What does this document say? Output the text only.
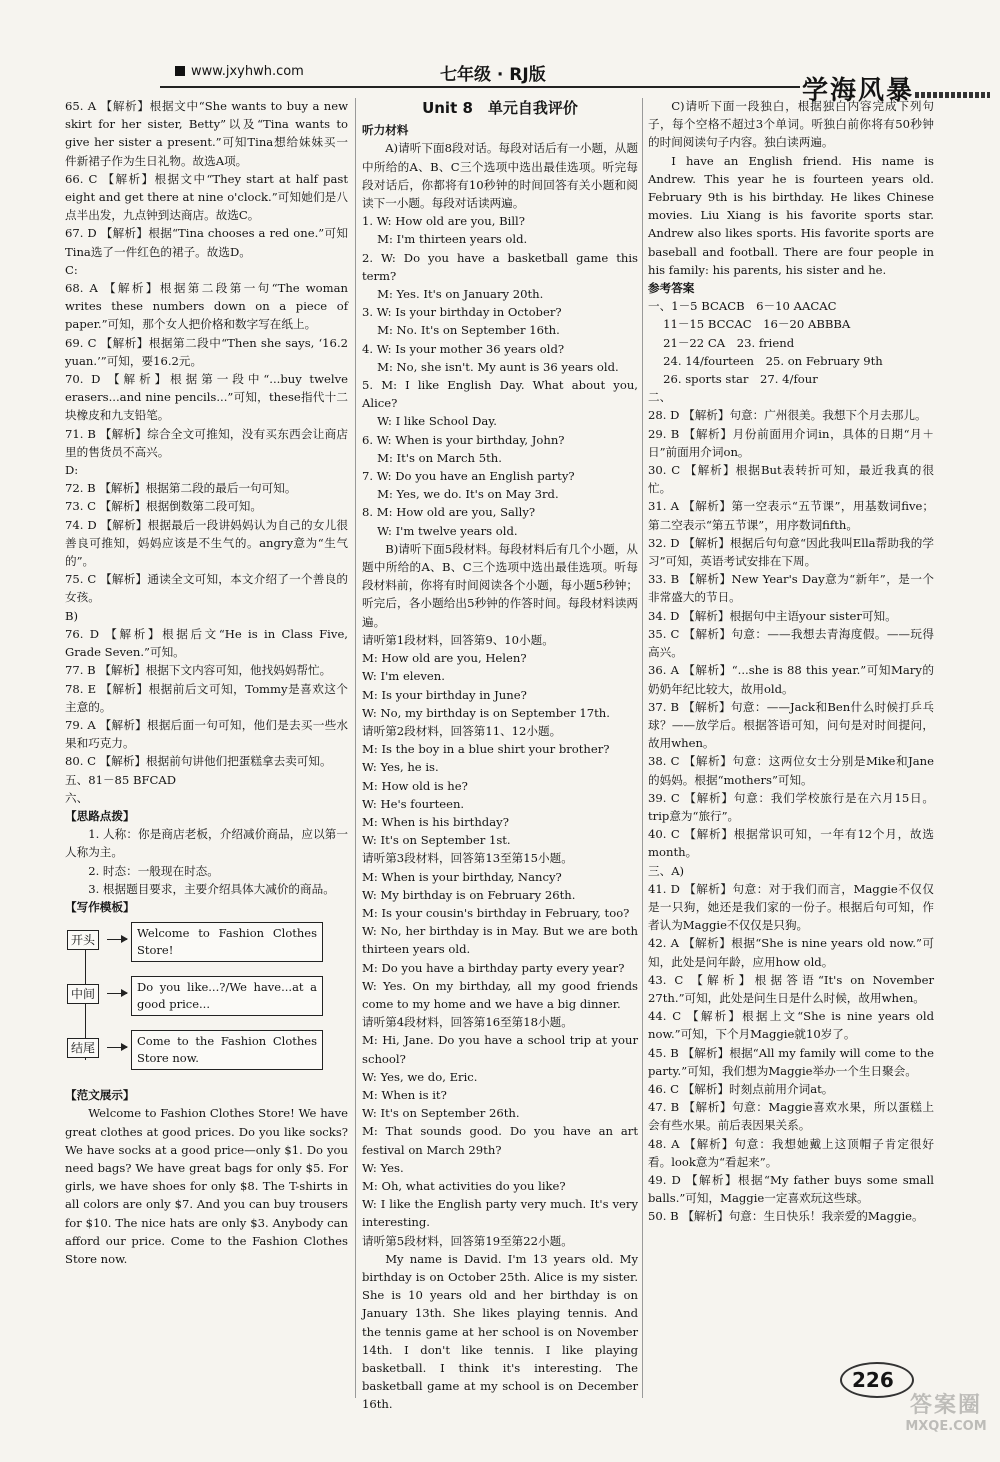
www.jxyhwh.com	七年级 · RJ版
学海风暴

65. A 【解析】根据文中“She wants to buy a new skirt for her sister, Betty”以及“Tina wants to give her sister a present.”可知Tina想给妹妹买一件新裙子作为生日礼物。故选A项。

66. C 【解析】根据文中“They start at half past eight and get there at nine o'clock.”可知她们是八点半出发，九点钟到达商店。故选C。

67. D 【解析】根据“Tina chooses a red one.”可知Tina选了一件红色的裙子。故选D。

C:

68. A 【解析】根据第二段第一句“The woman writes these numbers down on a piece of paper.”可知，那个女人把价格和数字写在纸上。

69. C 【解析】根据第二段中“Then she says, ‘16.2 yuan.’”可知，要16.2元。

70. D 【解析】根据第一段中“...buy twelve erasers...and nine pencils...”可知，these指代十二块橡皮和九支铅笔。

71. B 【解析】综合全文可推知，没有买东西会让商店里的售货员不高兴。

D:

72. B 【解析】根据第二段的最后一句可知。

73. C 【解析】根据倒数第二段可知。

74. D 【解析】根据最后一段讲妈妈认为自己的女儿很善良可推知，妈妈应该是不生气的。angry意为“生气的”。

75. C 【解析】通读全文可知，本文介绍了一个善良的女孩。

B)

76. D 【解析】根据后文“He is in Class Five, Grade Seven.”可知。

77. B 【解析】根据下文内容可知，他找妈妈帮忙。

78. E 【解析】根据前后文可知，Tommy是喜欢这个主意的。

79. A 【解析】根据后面一句可知，他们是去买一些水果和巧克力。

80. C 【解析】根据前句讲他们把蛋糕拿去卖可知。

五、81－85 BFCAD

六、

【思路点拨】

1. 人称：你是商店老板，介绍减价商品，应以第一人称为主。

2. 时态：一般现在时态。

3. 根据题目要求，主要介绍具体大减价的商品。

【写作模板】

开头	Welcome to Fashion Clothes Store!
中间	Do you like...?/We have...at a good price...
结尾	Come to the Fashion Clothes Store now.

【范文展示】

Welcome to Fashion Clothes Store! We have great clothes at good prices. Do you like socks? We have socks at a good price—only $1. Do you need bags? We have great bags for only $5. For girls, we have shoes for only $8. The T-shirts in all colors are only $7. And you can buy trousers for $10. The nice hats are only $3. Anybody can afford our price. Come to the Fashion Clothes Store now.

Unit 8　单元自我评价

听力材料

A)请听下面8段对话。每段对话后有一小题，从题中所给的A、B、C三个选项中选出最佳选项。听完每段对话后，你都将有10秒钟的时间回答有关小题和阅读下一小题。每段对话读两遍。

1. W: How old are you, Bill?

M: I'm thirteen years old.

2. W: Do you have a basketball game this term?

M: Yes. It's on January 20th.

3. W: Is your birthday in October?

M: No. It's on September 16th.

4. W: Is your mother 36 years old?

M: No, she isn't. My aunt is 36 years old.

5. M: I like English Day. What about you, Alice?

W: I like School Day.

6. W: When is your birthday, John?

M: It's on March 5th.

7. W: Do you have an English party?

M: Yes, we do. It's on May 3rd.

8. M: How old are you, Sally?

W: I'm twelve years old.

B)请听下面5段材料。每段材料后有几个小题，从题中所给的A、B、C三个选项中选出最佳选项。听每段材料前，你将有时间阅读各个小题，每小题5秒钟；听完后，各小题给出5秒钟的作答时间。每段材料读两遍。

请听第1段材料，回答第9、10小题。

M: How old are you, Helen?

W: I'm eleven.

M: Is your birthday in June?

W: No, my birthday is on September 17th.

请听第2段材料，回答第11、12小题。

M: Is the boy in a blue shirt your brother?

W: Yes, he is.

M: How old is he?

W: He's fourteen.

M: When is his birthday?

W: It's on September 1st.

请听第3段材料，回答第13至第15小题。

M: When is your birthday, Nancy?

W: My birthday is on February 26th.

M: Is your cousin's birthday in February, too?

W: No, her birthday is in May. But we are both thirteen years old.

M: Do you have a birthday party every year?

W: Yes. On my birthday, all my good friends come to my home and we have a big dinner.

请听第4段材料，回答第16至第18小题。

M: Hi, Jane. Do you have a school trip at your school?

W: Yes, we do, Eric.

M: When is it?

W: It's on September 26th.

M: That sounds good. Do you have an art festival on March 29th?

W: Yes.

M: Oh, what activities do you like?

W: I like the English party very much. It's very interesting.

请听第5段材料，回答第19至第22小题。

My name is David. I'm 13 years old. My birthday is on October 25th. Alice is my sister. She is 10 years old and her birthday is on January 13th. She likes playing tennis. And the tennis game at her school is on November 14th. I don't like tennis. I like playing basketball. I think it's interesting. The basketball game at my school is on December 16th.

C)请听下面一段独白，根据独白内容完成下列句子，每个空格不超过3个单词。听独白前你将有50秒钟的时间阅读句子内容。独白读两遍。

I have an English friend. His name is Andrew. This year he is fourteen years old. February 9th is his birthday. He likes Chinese movies. Liu Xiang is his favorite sports star. Andrew also likes sports. His favorite sports are baseball and football. There are four people in his family: his parents, his sister and he.

参考答案

一、1－5 BCACB　6－10 AACAC

11－15 BCCAC　16－20 ABBBA

21－22 CA　23. friend

24. 14/fourteen　25. on February 9th

26. sports star　27. 4/four

二、

28. D 【解析】句意：广州很美。我想下个月去那儿。

29. B 【解析】月份前面用介词in，具体的日期“月＋日”前面用介词on。

30. C 【解析】根据But表转折可知，最近我真的很忙。

31. A 【解析】第一空表示“五节课”，用基数词five；第二空表示“第五节课”，用序数词fifth。

32. D 【解析】根据后句句意“因此我叫Ella帮助我的学习”可知，英语考试安排在下周。

33. B 【解析】New Year's Day意为“新年”，是一个非常盛大的节日。

34. D 【解析】根据句中主语your sister可知。

35. C 【解析】句意：——我想去青海度假。——玩得高兴。

36. A 【解析】“...she is 88 this year.”可知Mary的奶奶年纪比较大，故用old。

37. B 【解析】句意：——Jack和Ben什么时候打乒乓球？——放学后。根据答语可知，问句是对时间提问，故用when。

38. C 【解析】句意：这两位女士分别是Mike和Jane的妈妈。根据“mothers”可知。

39. C 【解析】句意：我们学校旅行是在六月15日。trip意为“旅行”。

40. C 【解析】根据常识可知，一年有12个月，故选month。

三、A)

41. D 【解析】句意：对于我们而言，Maggie不仅仅是一只狗，她还是我们家的一份子。根据后句可知，作者认为Maggie不仅仅是只狗。

42. A 【解析】根据“She is nine years old now.”可知，此处是问年龄，应用how old。

43. C 【解析】根据答语“It's on November 27th.”可知，此处是问生日是什么时候，故用when。

44. C 【解析】根据上文“She is nine years old now.”可知，下个月Maggie就10岁了。

45. B 【解析】根据“All my family will come to the party.”可知，我们想为Maggie举办一个生日聚会。

46. C 【解析】时刻点前用介词at。

47. B 【解析】句意：Maggie喜欢水果，所以蛋糕上会有些水果。前后表因果关系。

48. A 【解析】句意：我想她戴上这顶帽子肯定很好看。look意为“看起来”。

49. D 【解析】根据“My father buys some small balls.”可知，Maggie一定喜欢玩这些球。

50. B 【解析】句意：生日快乐！我亲爱的Maggie。

226
答案圈
MXQE.COM
